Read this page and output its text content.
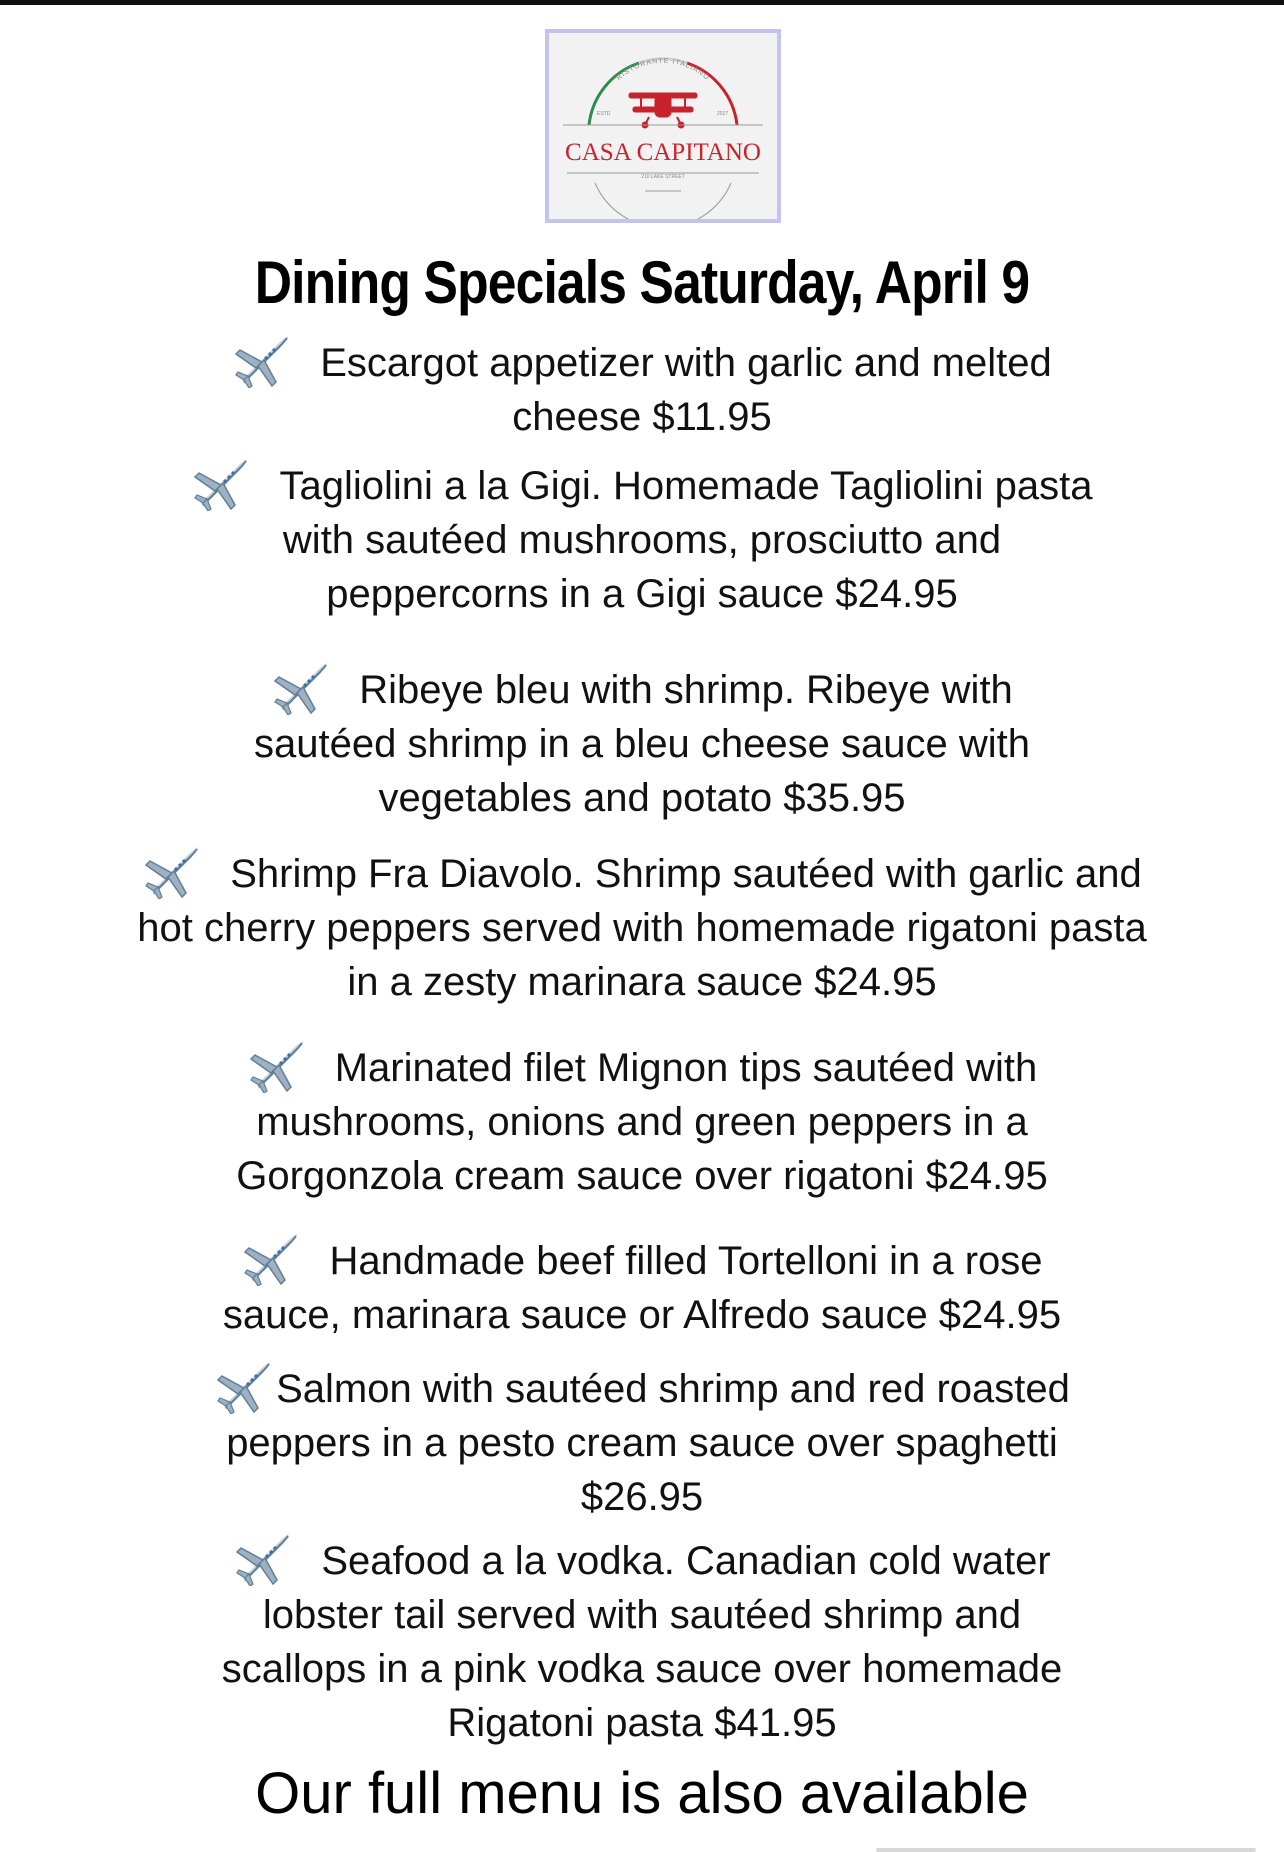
RISTORANTE ITALIANO
ESTD	2017
CASA CAPITANO
210 LAKE STREET
Dining Specials Saturday, April 9
Escargot appetizer with garlic and melted
cheese $11.95
Tagliolini a la Gigi. Homemade Tagliolini pasta
with sautéed mushrooms, prosciutto and
peppercorns in a Gigi sauce $24.95
Ribeye bleu with shrimp. Ribeye with
sautéed shrimp in a bleu cheese sauce with
vegetables and potato $35.95
Shrimp Fra Diavolo. Shrimp sautéed with garlic and
hot cherry peppers served with homemade rigatoni pasta
in a zesty marinara sauce $24.95
Marinated filet Mignon tips sautéed with
mushrooms, onions and green peppers in a
Gorgonzola cream sauce over rigatoni $24.95
Handmade beef filled Tortelloni in a rose
sauce, marinara sauce or Alfredo sauce $24.95
Salmon with sautéed shrimp and red roasted
peppers in a pesto cream sauce over spaghetti
$26.95
Seafood a la vodka. Canadian cold water
lobster tail served with sautéed shrimp and
scallops in a pink vodka sauce over homemade
Rigatoni pasta $41.95
Our full menu is also available
